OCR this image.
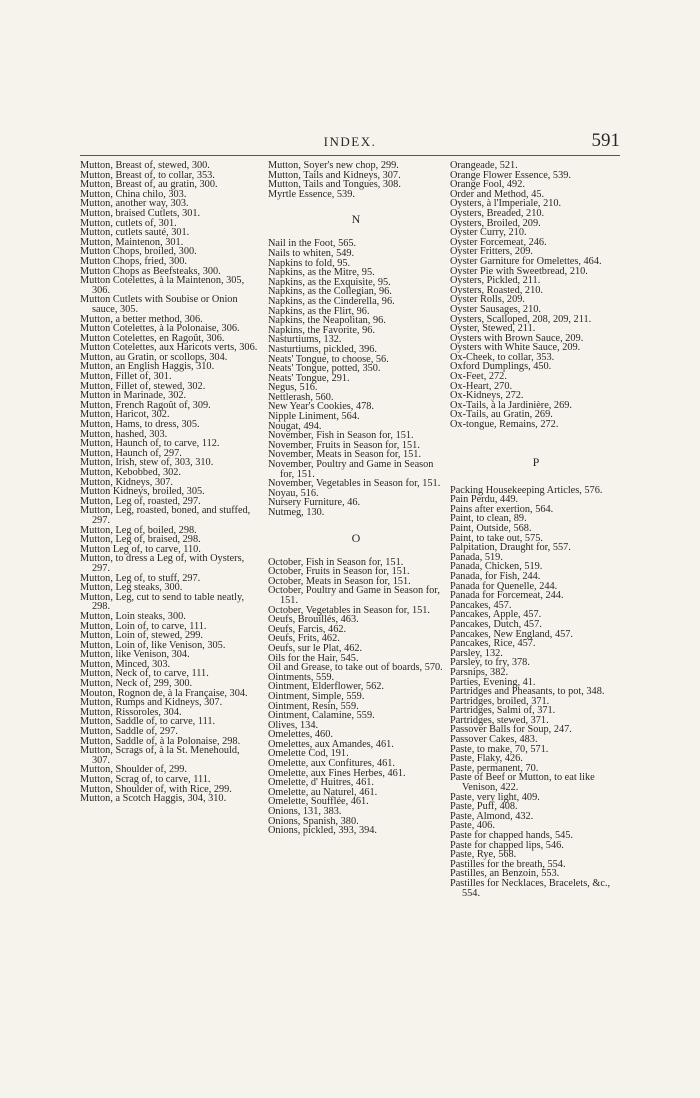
INDEX.	591
Mutton, Breast of, stewed, 300.
Mutton, Breast of, to collar, 353.
Mutton, Breast of, au gratin, 300.
Mutton, China chilo, 303.
Mutton, another way, 303.
Mutton, braised Cutlets, 301.
Mutton, cutlets of, 301.
Mutton, cutlets sauté, 301.
Mutton, Maintenon, 301.
Mutton Chops, broiled, 300.
Mutton Chops, fried, 300.
Mutton Chops as Beefsteaks, 300.
Mutton Cotelettes, à la Maintenon, 305, 306.
Mutton Cutlets with Soubise or Onion sauce, 305.
Mutton, a better method, 306.
Mutton Cotelettes, à la Polonaise, 306.
Mutton Cotelettes, en Ragoût, 306.
Mutton Cotelettes, aux Haricots verts, 306.
Mutton, au Gratin, or scollops, 304.
Mutton, an English Haggis, 310.
Mutton, Fillet of, 301.
Mutton, Fillet of, stewed, 302.
Mutton in Marinade, 302.
Mutton, French Ragoût of, 309.
Mutton, Haricot, 302.
Mutton, Hams, to dress, 305.
Mutton, hashed, 303.
Mutton, Haunch of, to carve, 112.
Mutton, Haunch of, 297.
Mutton, Irish, stew of, 303, 310.
Mutton, Kebobbed, 302.
Mutton, Kidneys, 307.
Mutton Kidneys, broiled, 305.
Mutton, Leg of, roasted, 297.
Mutton, Leg, roasted, boned, and stuffed, 297.
Mutton, Leg of, boiled, 298.
Mutton, Leg of, braised, 298.
Mutton Leg of, to carve, 110.
Mutton, to dress a Leg of, with Oysters, 297.
Mutton, Leg of, to stuff, 297.
Mutton, Leg steaks, 300.
Mutton, Leg, cut to send to table neatly, 298.
Mutton, Loin steaks, 300.
Mutton, Loin of, to carve, 111.
Mutton, Loin of, stewed, 299.
Mutton, Loin of, like Venison, 305.
Mutton, like Venison, 304.
Mutton, Minced, 303.
Mutton, Neck of, to carve, 111.
Mutton, Neck of, 299, 300.
Mouton, Rognon de, à la Française, 304.
Mutton, Rumps and Kidneys, 307.
Mutton, Rissoroles, 304.
Mutton, Saddle of, to carve, 111.
Mutton, Saddle of, 297.
Mutton, Saddle of, à la Polonaise, 298.
Mutton, Scrags of, à la St. Menehould, 307.
Mutton, Shoulder of, 299.
Mutton, Scrag of, to carve, 111.
Mutton, Shoulder of, with Rice, 299.
Mutton, a Scotch Haggis, 304, 310.
Mutton, Soyer's new chop, 299.
Mutton, Tails and Kidneys, 307.
Mutton, Tails and Tongues, 308.
Myrtle Essence, 539.
N
Nail in the Foot, 565.
Nails to whiten, 549.
Napkins to fold, 95.
Napkins, as the Mitre, 95.
Napkins, as the Exquisite, 95.
Napkins, as the Collegian, 96.
Napkins, as the Cinderella, 96.
Napkins, as the Flirt, 96.
Napkins, the Neapolitan, 96.
Napkins, the Favorite, 96.
Nasturtiums, 132.
Nasturtiums, pickled, 396.
Neats' Tongue, to choose, 56.
Neats' Tongue, potted, 350.
Neats' Tongue, 291.
Negus, 516.
Nettlerash, 560.
New Year's Cookies, 478.
Nipple Liniment, 564.
Nougat, 494.
November, Fish in Season for, 151.
November, Fruits in Season for, 151.
November, Meats in Season for, 151.
November, Poultry and Game in Season for, 151.
November, Vegetables in Season for, 151.
Noyau, 516.
Nursery Furniture, 46.
Nutmeg, 130.
O
October, Fish in Season for, 151.
October, Fruits in Season for, 151.
October, Meats in Season for, 151.
October, Poultry and Game in Season for, 151.
October, Vegetables in Season for, 151.
Oeufs, Brouillés, 463.
Oeufs, Farcis, 462.
Oeufs, Frits, 462.
Oeufs, sur le Plat, 462.
Oils for the Hair, 545.
Oil and Grease, to take out of boards, 570.
Ointments, 559.
Ointment, Elderflower, 562.
Ointment, Simple, 559.
Ointment, Resin, 559.
Ointment, Calamine, 559.
Olives, 134.
Omelettes, 460.
Omelettes, aux Amandes, 461.
Omelette Cod, 191.
Omelette, aux Confitures, 461.
Omelette, aux Fines Herbes, 461.
Omelette, d' Huitres, 461.
Omelette, au Naturel, 461.
Omelette, Soufflée, 461.
Onions, 131, 383.
Onions, Spanish, 380.
Onions, pickled, 393, 394.
Orangeade, 521.
Orange Flower Essence, 539.
Orange Fool, 492.
Order and Method, 45.
Oysters, à l'Imperiale, 210.
Oysters, Breaded, 210.
Oysters, Broiled, 209.
Oyster Curry, 210.
Oyster Forcemeat, 246.
Oyster Fritters, 209.
Oyster Garniture for Omelettes, 464.
Oyster Pie with Sweetbread, 210.
Oysters, Pickled, 211.
Oysters, Roasted, 210.
Oyster Rolls, 209.
Oyster Sausages, 210.
Oysters, Scalloped, 208, 209, 211.
Oyster, Stewed, 211.
Oysters with Brown Sauce, 209.
Oysters with White Sauce, 209.
Ox-Cheek, to collar, 353.
Oxford Dumplings, 450.
Ox-Feet, 272.
Ox-Heart, 270.
Ox-Kidneys, 272.
Ox-Tails, à la Jardinière, 269.
Ox-Tails, au Gratin, 269.
Ox-tongue, Remains, 272.
P
Packing Housekeeping Articles, 576.
Pain Perdu, 449.
Pains after exertion, 564.
Paint, to clean, 89.
Paint, Outside, 568.
Paint, to take out, 575.
Palpitation, Draught for, 557.
Panada, 519.
Panada, Chicken, 519.
Panada, for Fish, 244.
Panada for Quenelle, 244.
Panada for Forcemeat, 244.
Pancakes, 457.
Pancakes, Apple, 457.
Pancakes, Dutch, 457.
Pancakes, New England, 457.
Pancakes, Rice, 457.
Parsley, 132.
Parsley, to fry, 378.
Parsnips, 382.
Parties, Evening, 41.
Partridges and Pheasants, to pot, 348.
Partridges, broiled, 371.
Partridges, Salmi of, 371.
Partridges, stewed, 371.
Passover Balls for Soup, 247.
Passover Cakes, 483.
Paste, to make, 70, 571.
Paste, Flaky, 426.
Paste, permanent, 70.
Paste of Beef or Mutton, to eat like Venison, 422.
Paste, very light, 409.
Paste, Puff, 408.
Paste, Almond, 432.
Paste, 406.
Paste for chapped hands, 545.
Paste for chapped lips, 546.
Paste, Rye, 568.
Pastilles for the breath, 554.
Pastilles, an Benzoin, 553.
Pastilles for Necklaces, Bracelets, &c., 554.
